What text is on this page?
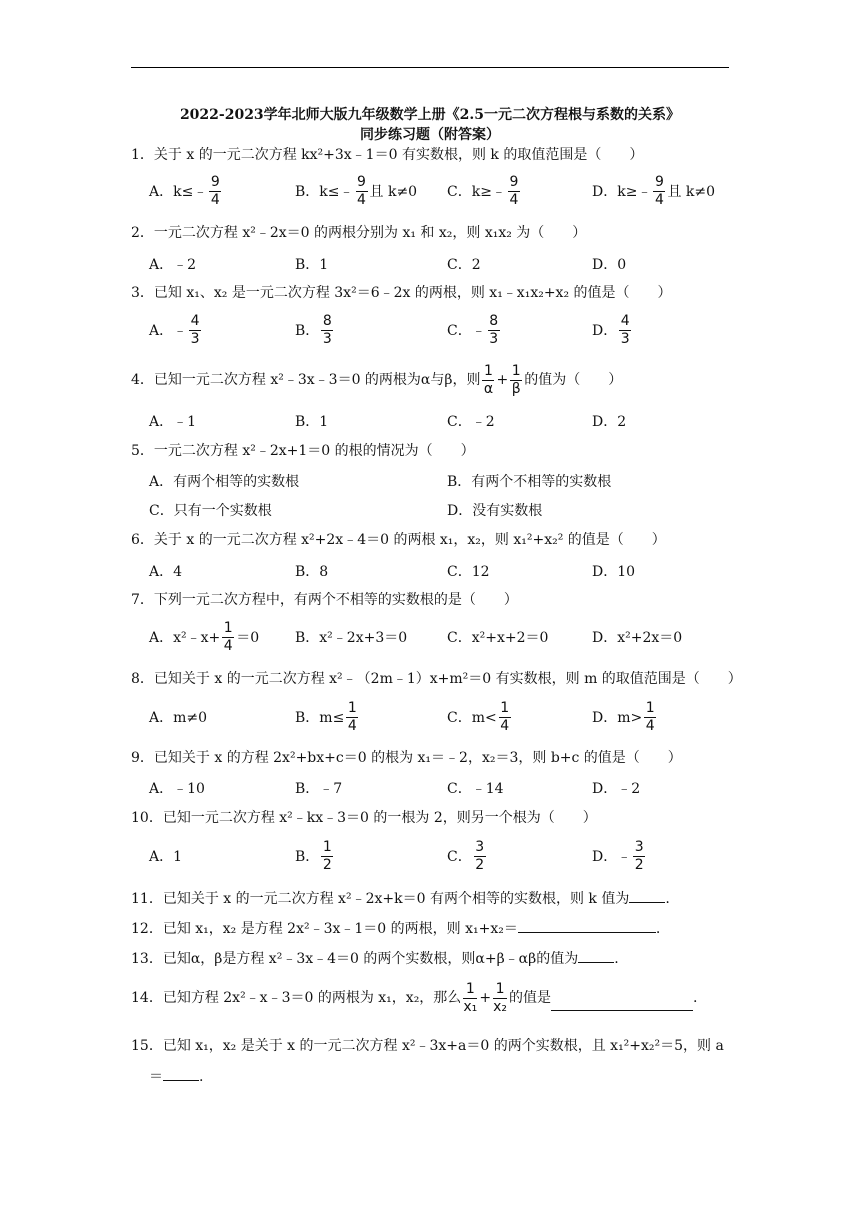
2022-2023学年北师大版九年级数学上册《2.5一元二次方程根与系数的关系》
同步练习题（附答案）
1．关于 x 的一元二次方程 kx²+3x﹣1＝0 有实数根，则 k 的取值范围是（　　）
A．k≤﹣ $\frac{9}{4}$	B．k≤﹣ $\frac{9}{4}$ 且 k≠0 C．k≥﹣ $\frac{9}{4}$	D．k≥﹣ $\frac{9}{4}$ 且 k≠0
2．一元二次方程 x²﹣2x＝0 的两根分别为 x₁ 和 x₂，则 x₁x₂ 为（　　）
A．﹣2	B．1	C．2	D．0
3．已知 x₁、x₂ 是一元二次方程 3x²＝6﹣2x 的两根，则 x₁﹣x₁x₂+x₂ 的值是（　　）
A．﹣ $\frac{4}{3}$	B． $\frac{8}{3}$	C．﹣ $\frac{8}{3}$	D． $\frac{4}{3}$
4．已知一元二次方程 x²﹣3x﹣3＝0 的两根为α与β，则 $\frac{1}{\alpha} + \frac{1}{\beta}$ 的值为（　　）
A．﹣1	B．1	C．﹣2	D．2
5．一元二次方程 x²﹣2x+1＝0 的根的情况为（　　）
A．有两个相等的实数根	B．有两个不相等的实数根
C．只有一个实数根	D．没有实数根
6．关于 x 的一元二次方程 x²+2x﹣4＝0 的两根 x₁，x₂，则 x₁²+x₂² 的值是（　　）
A．4	B．8	C．12	D．10
7．下列一元二次方程中，有两个不相等的实数根的是（　　）
A．x²﹣x+ $\frac{1}{4} =0$	B．x²﹣2x+3＝0	C．x²+x+2＝0	D．x²+2x＝0
8．已知关于 x 的一元二次方程 x²﹣（2m﹣1）x+m²＝0 有实数根，则 m 的取值范围是（　　）
A．m≠0	B．$m\le \frac{1}{4}$	C．$m< \frac{1}{4}$	D．$m> \frac{1}{4}$
9．已知关于 x 的方程 2x²+bx+c＝0 的根为 x₁＝﹣2，x₂＝3，则 b+c 的值是（　　）
A．﹣10	B．﹣7	C．﹣14	D．﹣2
10．已知一元二次方程 x²﹣kx﹣3＝0 的一根为 2，则另一个根为（　　）
A．1	B． $\frac{1}{2}$	C． $\frac{3}{2}$	D．﹣ $\frac{3}{2}$
11．已知关于 x 的一元二次方程 x²﹣2x+k＝0 有两个相等的实数根，则 k 值为	.
12．已知 x₁，x₂ 是方程 2x²﹣3x﹣1＝0 的两根，则 x₁+x₂＝	.
13．已知α，β是方程 x²﹣3x﹣4＝0 的两个实数根，则α+β﹣αβ的值为	.
14．已知方程 2x²﹣x﹣3＝0 的两根为 x₁，x₂，那么 $\frac{1}{\text{x₁}} + \frac{1}{\text{x₂}}$ 的值是	.
15．已知 x₁，x₂ 是关于 x 的一元二次方程 x²﹣3x+a＝0 的两个实数根，且 x₁²+x₂²＝5，则 a
＝	.
